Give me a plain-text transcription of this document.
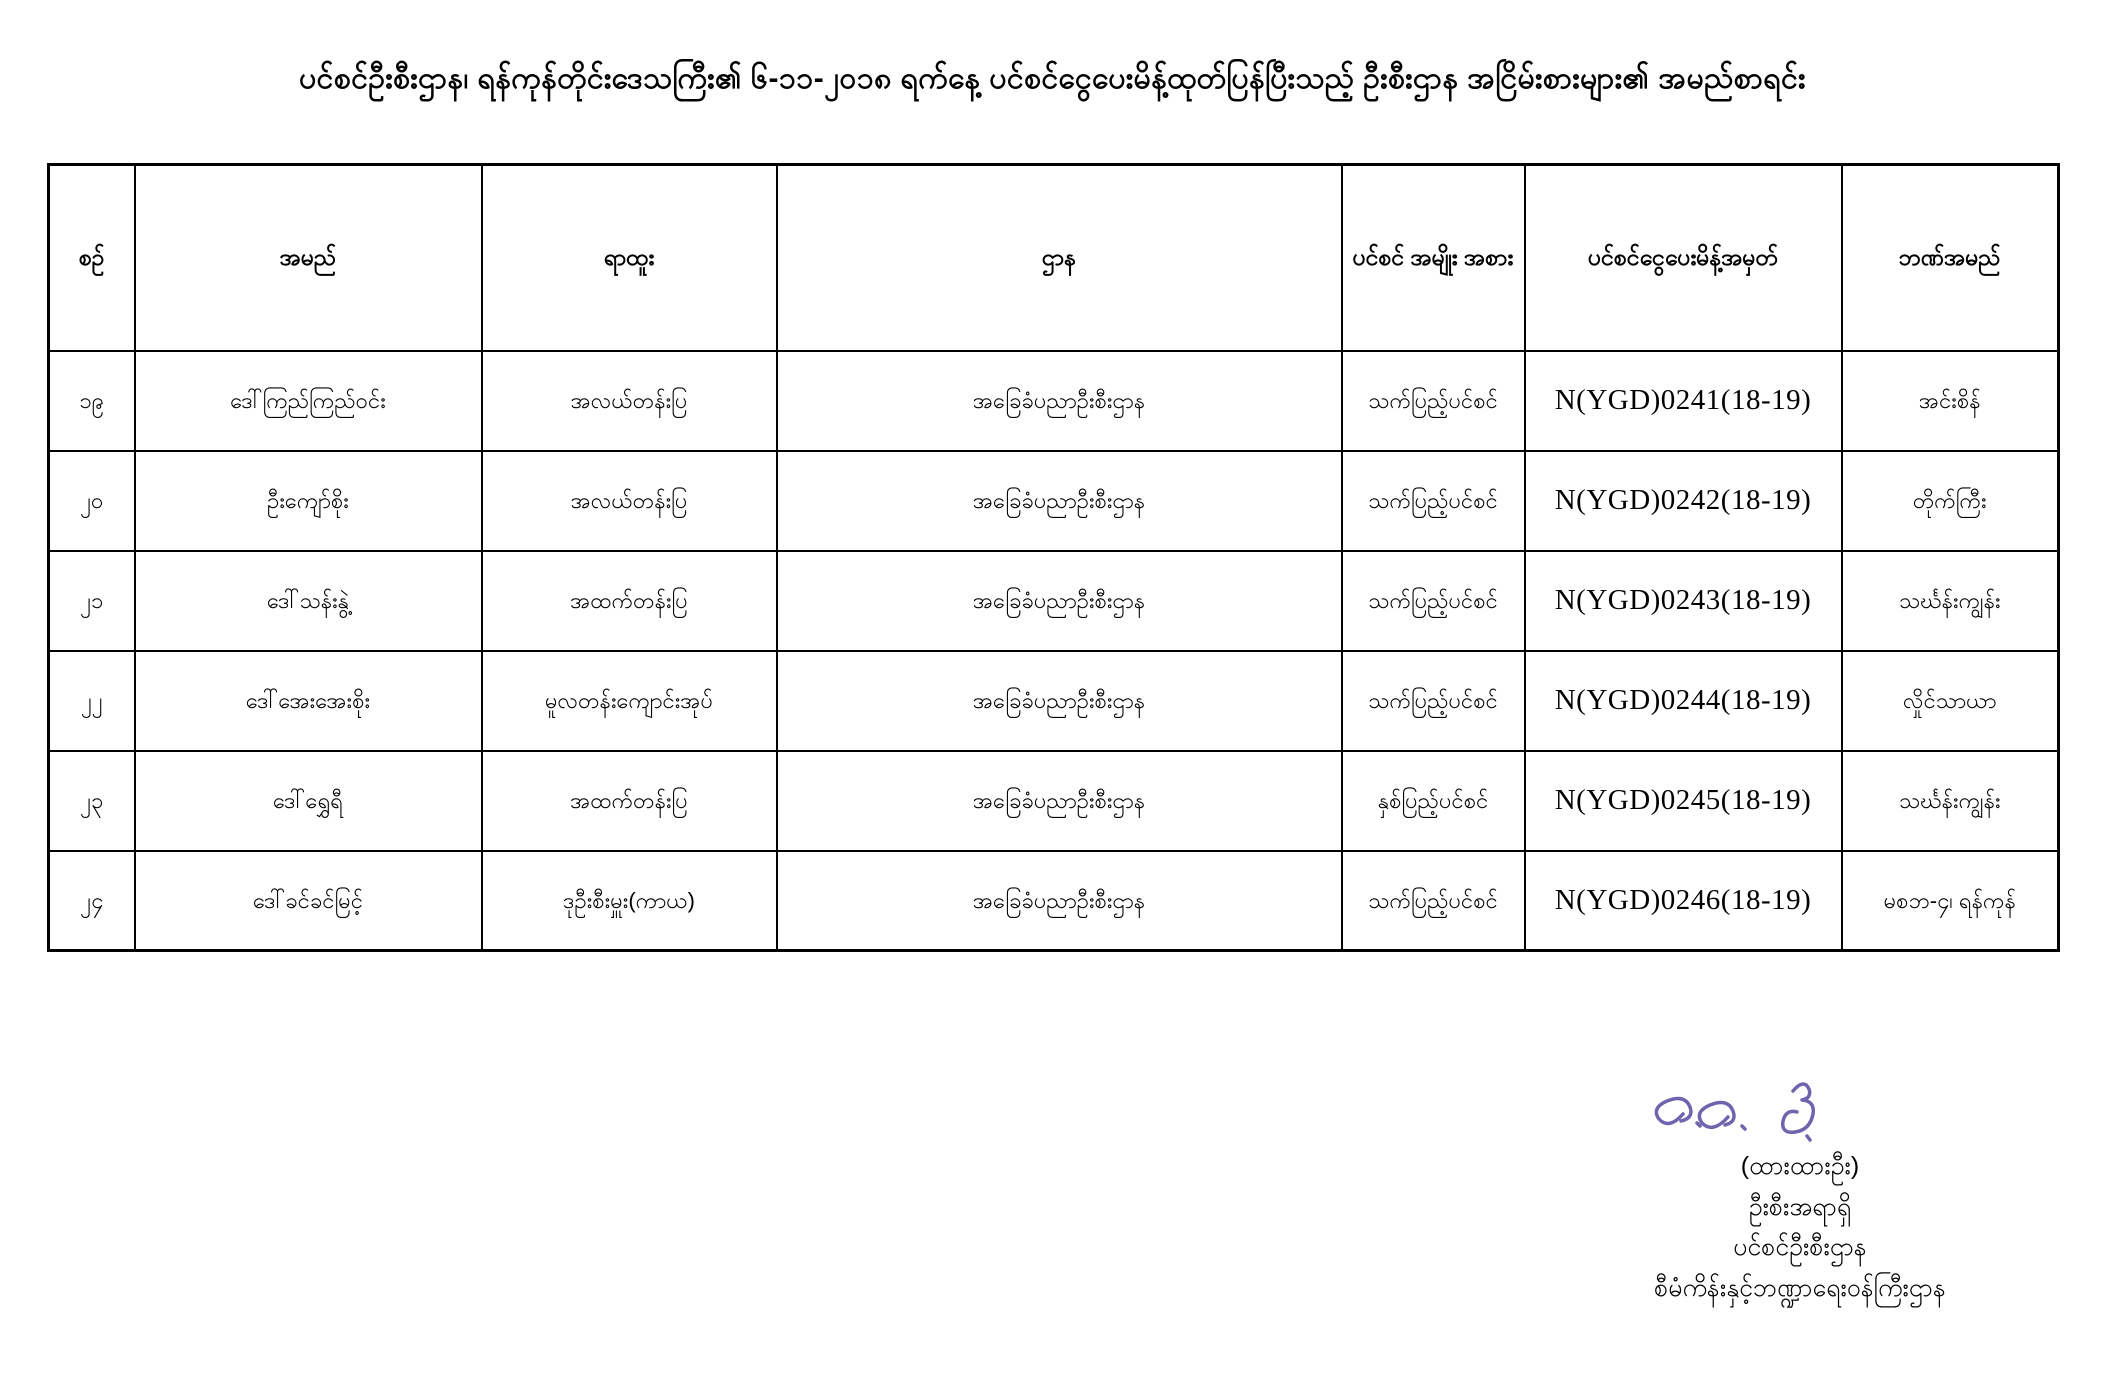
ပင်စင်ဦးစီးဌာန၊ ရန်ကုန်တိုင်းဒေသကြီး၏ ၆-၁၁-၂၀၁၈ ရက်နေ့ ပင်စင်ငွေပေးမိန့်ထုတ်ပြန်ပြီးသည့် ဦးစီးဌာန အငြိမ်းစားများ၏ အမည်စာရင်း
စဉ်	အမည်	ရာထူး	ဌာန	ပင်စင် အမျိုး အစား	ပင်စင်ငွေပေးမိန့်အမှတ်	ဘဏ်အမည်
၁၉	ဒေါ်ကြည်ကြည်ဝင်း	အလယ်တန်းပြ	အခြေခံပညာဦးစီးဌာန	သက်ပြည့်ပင်စင်	N(YGD)0241(18-19)	အင်းစိန်
၂၀	ဦးကျော်စိုး	အလယ်တန်းပြ	အခြေခံပညာဦးစီးဌာန	သက်ပြည့်ပင်စင်	N(YGD)0242(18-19)	တိုက်ကြီး
၂၁	ဒေါ်သန်းနွဲ့	အထက်တန်းပြ	အခြေခံပညာဦးစီးဌာန	သက်ပြည့်ပင်စင်	N(YGD)0243(18-19)	သင်္ဃန်းကျွန်း
၂၂	ဒေါ်အေးအေးစိုး	မူလတန်းကျောင်းအုပ်	အခြေခံပညာဦးစီးဌာန	သက်ပြည့်ပင်စင်	N(YGD)0244(18-19)	လှိုင်သာယာ
၂၃	ဒေါ်ရွှေရီ	အထက်တန်းပြ	အခြေခံပညာဦးစီးဌာန	နှစ်ပြည့်ပင်စင်	N(YGD)0245(18-19)	သင်္ဃန်းကျွန်း
၂၄	ဒေါ်ခင်ခင်မြင့်	ဒုဦးစီးမှူး(ကာယ)	အခြေခံပညာဦးစီးဌာန	သက်ပြည့်ပင်စင်	N(YGD)0246(18-19)	မစဘ-၄၊ ရန်ကုန်
(ထားထားဦး)
ဦးစီးအရာရှိ
ပင်စင်ဦးစီးဌာန
စီမံကိန်းနှင့်ဘဏ္ဍာရေးဝန်ကြီးဌာန
